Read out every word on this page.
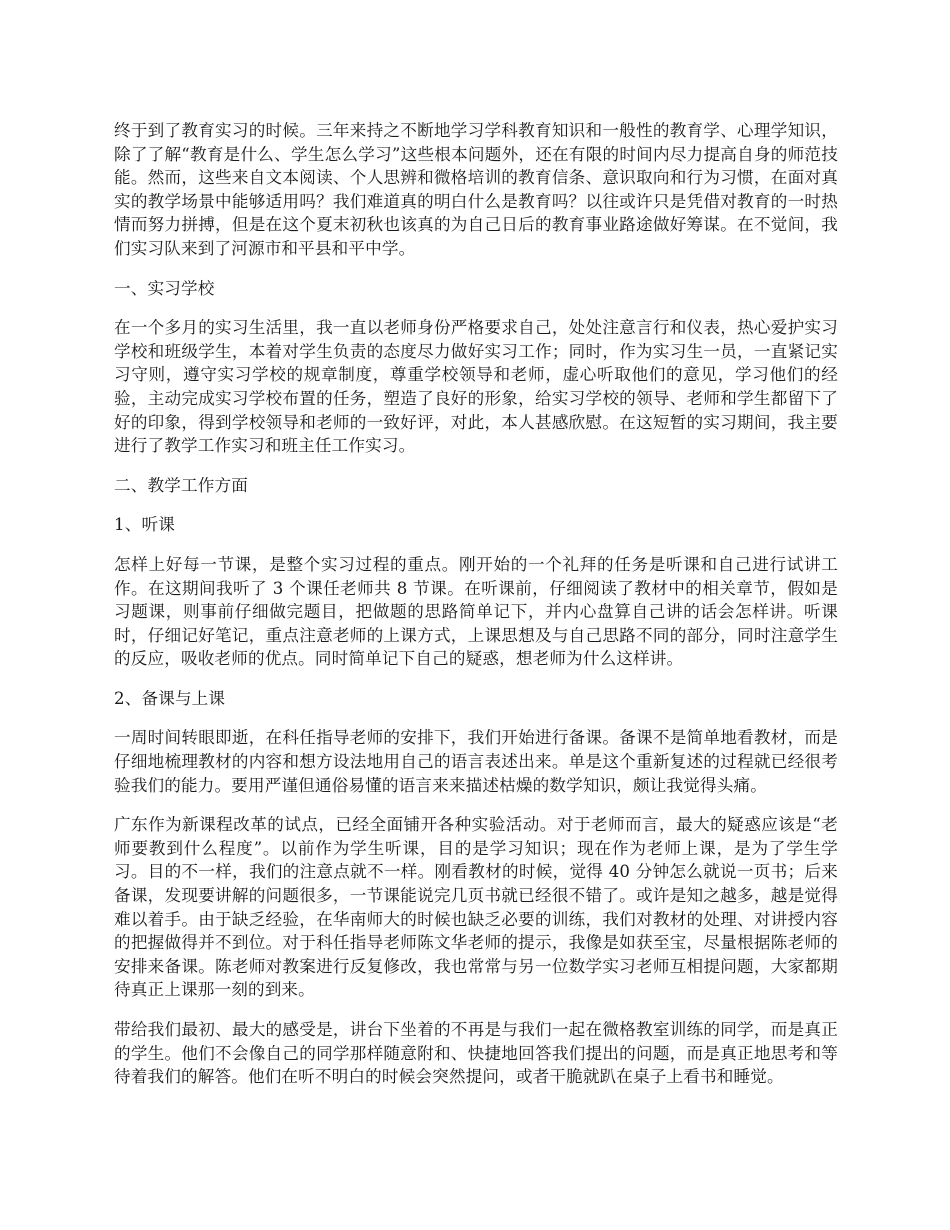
终于到了教育实习的时候。三年来持之不断地学习学科教育知识和一般性的教育学、心理学知识，除了了解“教育是什么、学生怎么学习”这些根本问题外，还在有限的时间内尽力提高自身的师范技能。然而，这些来自文本阅读、个人思辨和微格培训的教育信条、意识取向和行为习惯，在面对真实的教学场景中能够适用吗？我们难道真的明白什么是教育吗？以往或许只是凭借对教育的一时热情而努力拼搏，但是在这个夏末初秋也该真的为自己日后的教育事业路途做好筹谋。在不觉间，我们实习队来到了河源市和平县和平中学。

一、实习学校

在一个多月的实习生活里，我一直以老师身份严格要求自己，处处注意言行和仪表，热心爱护实习学校和班级学生，本着对学生负责的态度尽力做好实习工作；同时，作为实习生一员，一直紧记实习守则，遵守实习学校的规章制度，尊重学校领导和老师，虚心听取他们的意见，学习他们的经验，主动完成实习学校布置的任务，塑造了良好的形象，给实习学校的领导、老师和学生都留下了好的印象，得到学校领导和老师的一致好评，对此，本人甚感欣慰。在这短暂的实习期间，我主要进行了教学工作实习和班主任工作实习。

二、教学工作方面

1、听课

怎样上好每一节课，是整个实习过程的重点。刚开始的一个礼拜的任务是听课和自己进行试讲工作。在这期间我听了 3 个课任老师共 8 节课。在听课前，仔细阅读了教材中的相关章节，假如是习题课，则事前仔细做完题目，把做题的思路简单记下，并内心盘算自己讲的话会怎样讲。听课时，仔细记好笔记，重点注意老师的上课方式，上课思想及与自己思路不同的部分，同时注意学生的反应，吸收老师的优点。同时简单记下自己的疑惑，想老师为什么这样讲。

2、备课与上课

一周时间转眼即逝，在科任指导老师的安排下，我们开始进行备课。备课不是简单地看教材，而是仔细地梳理教材的内容和想方设法地用自己的语言表述出来。单是这个重新复述的过程就已经很考验我们的能力。要用严谨但通俗易懂的语言来来描述枯燥的数学知识，颇让我觉得头痛。

广东作为新课程改革的试点，已经全面铺开各种实验活动。对于老师而言，最大的疑惑应该是“老师要教到什么程度”。以前作为学生听课，目的是学习知识；现在作为老师上课，是为了学生学习。目的不一样，我们的注意点就不一样。刚看教材的时候，觉得 40 分钟怎么就说一页书；后来备课，发现要讲解的问题很多，一节课能说完几页书就已经很不错了。或许是知之越多，越是觉得难以着手。由于缺乏经验，在华南师大的时候也缺乏必要的训练，我们对教材的处理、对讲授内容的把握做得并不到位。对于科任指导老师陈文华老师的提示，我像是如获至宝，尽量根据陈老师的安排来备课。陈老师对教案进行反复修改，我也常常与另一位数学实习老师互相提问题，大家都期待真正上课那一刻的到来。

带给我们最初、最大的感受是，讲台下坐着的不再是与我们一起在微格教室训练的同学，而是真正的学生。他们不会像自己的同学那样随意附和、快捷地回答我们提出的问题，而是真正地思考和等待着我们的解答。他们在听不明白的时候会突然提问，或者干脆就趴在桌子上看书和睡觉。
